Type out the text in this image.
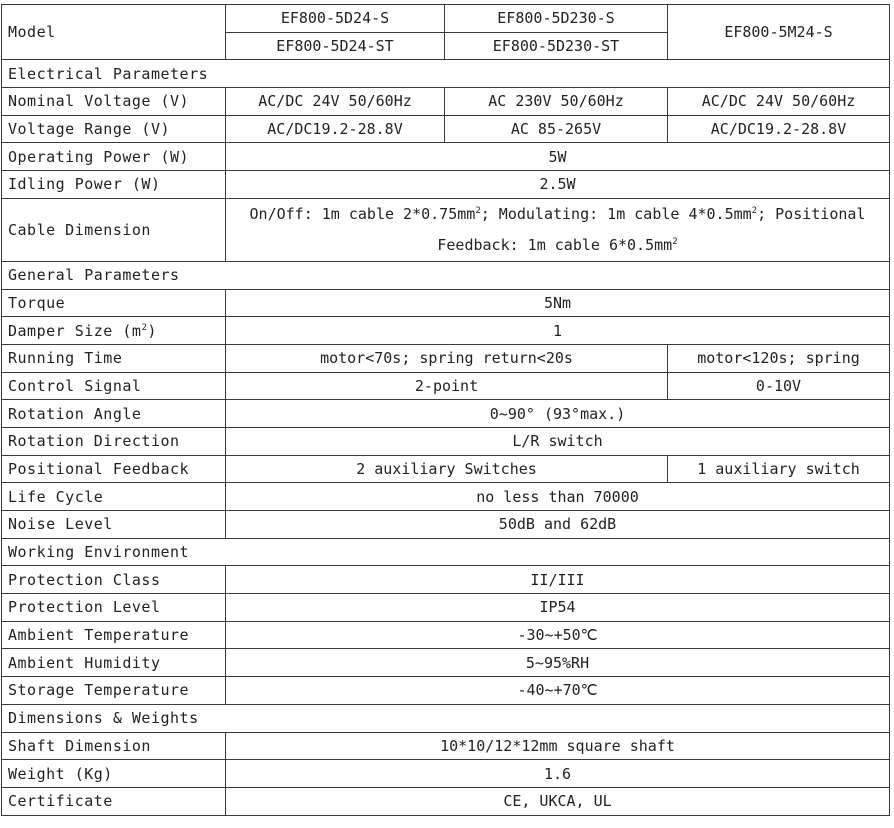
Model	EF800-5D24-S	EF800-5D230-S	EF800-5M24-S
	EF800-5D24-ST	EF800-5D230-ST	
Electrical Parameters			
Nominal Voltage (V)	AC/DC 24V 50/60Hz	AC 230V 50/60Hz	AC/DC 24V 50/60Hz
Voltage Range (V)	AC/DC19.2-28.8V	AC 85-265V	AC/DC19.2-28.8V
Operating Power (W)	5W		
Idling Power (W)	2.5W		
Cable Dimension	On/Off: 1m cable $2*0.75mm^2$; Modulating: 1m cable $4*0.5mm^2$; Positional Feedback: 1m cable $6*0.5mm^2$
General Parameters			
Torque	5Nm		
Damper Size $(m^2)$	1		
Running Time	motor<70s; spring return<20s		motor<120s; spring
Control Signal	2-point		0-10V
Rotation Angle	0~90° (93°max.)		
Rotation Direction	L/R switch		
Positional Feedback	2 auxiliary Switches		1 auxiliary switch
Life Cycle	no less than 70000		
Noise Level	50dB and 62dB		
Working Environment			
Protection Class	II/III		
Protection Level	IP54		
Ambient Temperature	-30~+50℃		
Ambient Humidity	5~95%RH		
Storage Temperature	-40~+70℃		
Dimensions & Weights			
Shaft Dimension	10*10/12*12mm square shaft		
Weight (Kg)	1.6		
Certificate	CE, UKCA, UL		
